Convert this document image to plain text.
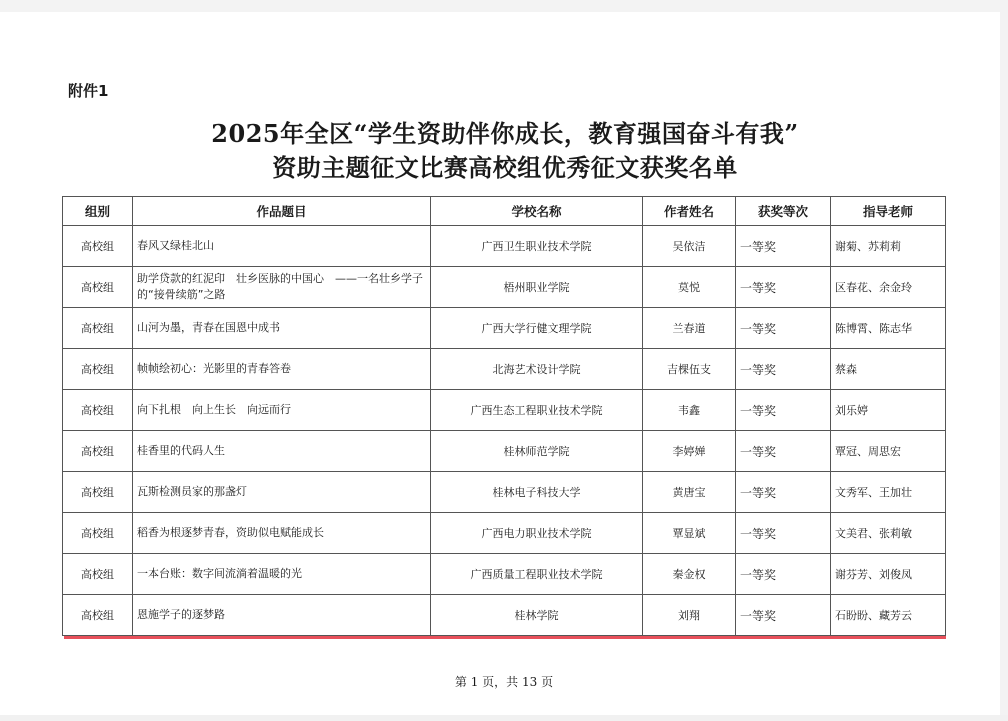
附件1
2025年全区“学生资助伴你成长，教育强国奋斗有我”
资助主题征文比赛高校组优秀征文获奖名单
组别	作品题目	学校名称	作者姓名	获奖等次	指导老师
高校组	春风又绿桂北山	广西卫生职业技术学院	吴依洁	一等奖	谢菊、苏莉莉
高校组	助学贷款的红泥印　壮乡医脉的中国心　——一名壮乡学子的“接骨续筋”之路	梧州职业学院	莫悦	一等奖	区春花、余金玲
高校组	山河为墨，青春在国恩中成书	广西大学行健文理学院	兰春道	一等奖	陈博霄、陈志华
高校组	帧帧绘初心：光影里的青春答卷	北海艺术设计学院	吉棵伍支	一等奖	蔡森
高校组	向下扎根　向上生长　向远而行	广西生态工程职业技术学院	韦鑫	一等奖	刘乐婷
高校组	桂香里的代码人生	桂林师范学院	李婷婵	一等奖	覃冠、周思宏
高校组	瓦斯检测员家的那盏灯	桂林电子科技大学	黄唐宝	一等奖	文秀军、王加壮
高校组	稻香为根逐梦青春，资助似电赋能成长	广西电力职业技术学院	覃显斌	一等奖	文美君、张莉敏
高校组	一本台账：数字间流淌着温暖的光	广西质量工程职业技术学院	秦金权	一等奖	谢芬芳、刘俊凤
高校组	恩施学子的逐梦路	桂林学院	刘翔	一等奖	石盼盼、藏芳云
第 1 页，共 13 页
